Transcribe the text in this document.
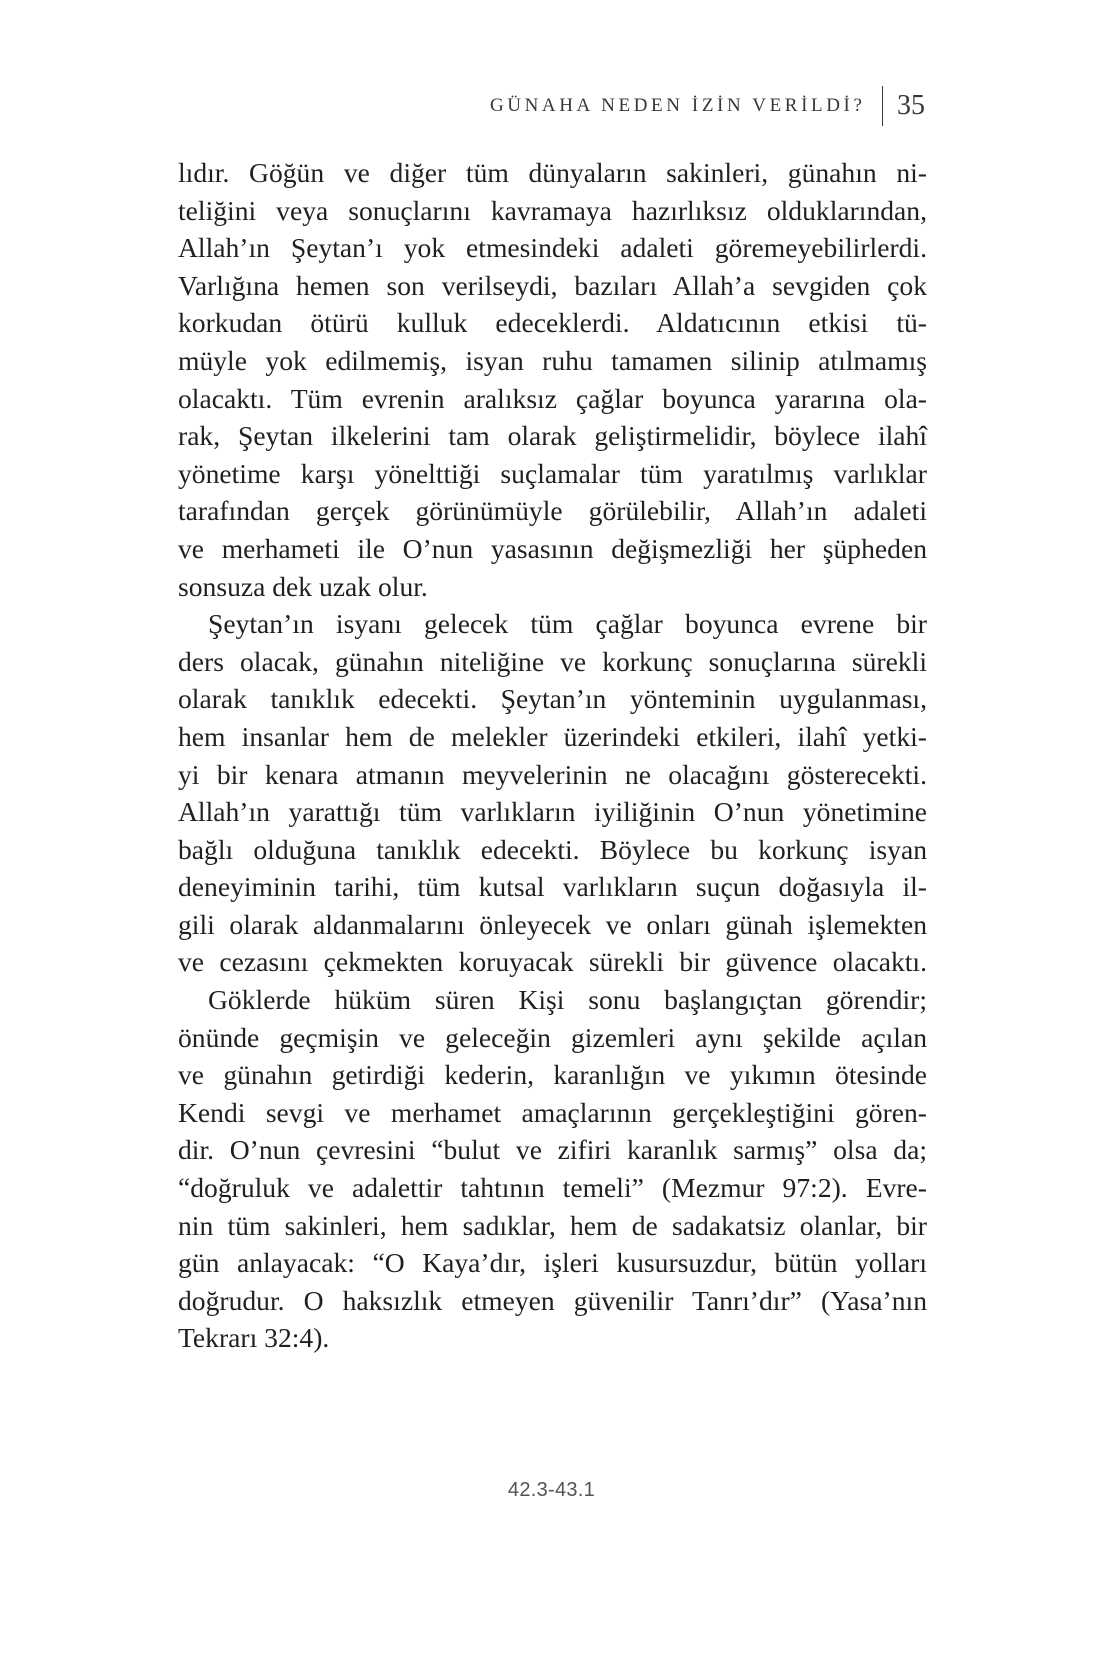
GÜNAHA NEDEN İZİN VERİLDİ? 35
lıdır. Göğün ve diğer tüm dünyaların sakinleri, günahın ni-
teliğini veya sonuçlarını kavramaya hazırlıksız olduklarından,
Allah’ın Şeytan’ı yok etmesindeki adaleti göremeyebilirlerdi.
Varlığına hemen son verilseydi, bazıları Allah’a sevgiden çok
korkudan ötürü kulluk edeceklerdi. Aldatıcının etkisi tü-
müyle yok edilmemiş, isyan ruhu tamamen silinip atılmamış
olacaktı. Tüm evrenin aralıksız çağlar boyunca yararına ola-
rak, Şeytan ilkelerini tam olarak geliştirmelidir, böylece ilahî
yönetime karşı yönelttiği suçlamalar tüm yaratılmış varlıklar
tarafından gerçek görünümüyle görülebilir, Allah’ın adaleti
ve merhameti ile O’nun yasasının değişmezliği her şüpheden
sonsuza dek uzak olur.
Şeytan’ın isyanı gelecek tüm çağlar boyunca evrene bir
ders olacak, günahın niteliğine ve korkunç sonuçlarına sürekli
olarak tanıklık edecekti. Şeytan’ın yönteminin uygulanması,
hem insanlar hem de melekler üzerindeki etkileri, ilahî yetki-
yi bir kenara atmanın meyvelerinin ne olacağını gösterecekti.
Allah’ın yarattığı tüm varlıkların iyiliğinin O’nun yönetimine
bağlı olduğuna tanıklık edecekti. Böylece bu korkunç isyan
deneyiminin tarihi, tüm kutsal varlıkların suçun doğasıyla il-
gili olarak aldanmalarını önleyecek ve onları günah işlemekten
ve cezasını çekmekten koruyacak sürekli bir güvence olacaktı.
Göklerde hüküm süren Kişi sonu başlangıçtan görendir;
önünde geçmişin ve geleceğin gizemleri aynı şekilde açılan
ve günahın getirdiği kederin, karanlığın ve yıkımın ötesinde
Kendi sevgi ve merhamet amaçlarının gerçekleştiğini gören-
dir. O’nun çevresini “bulut ve zifiri karanlık sarmış” olsa da;
“doğruluk ve adalettir tahtının temeli” (Mezmur 97:2). Evre-
nin tüm sakinleri, hem sadıklar, hem de sadakatsiz olanlar, bir
gün anlayacak: “O Kaya’dır, işleri kusursuzdur, bütün yolları
doğrudur. O haksızlık etmeyen güvenilir Tanrı’dır” (Yasa’nın
Tekrarı 32:4).
42.3-43.1
